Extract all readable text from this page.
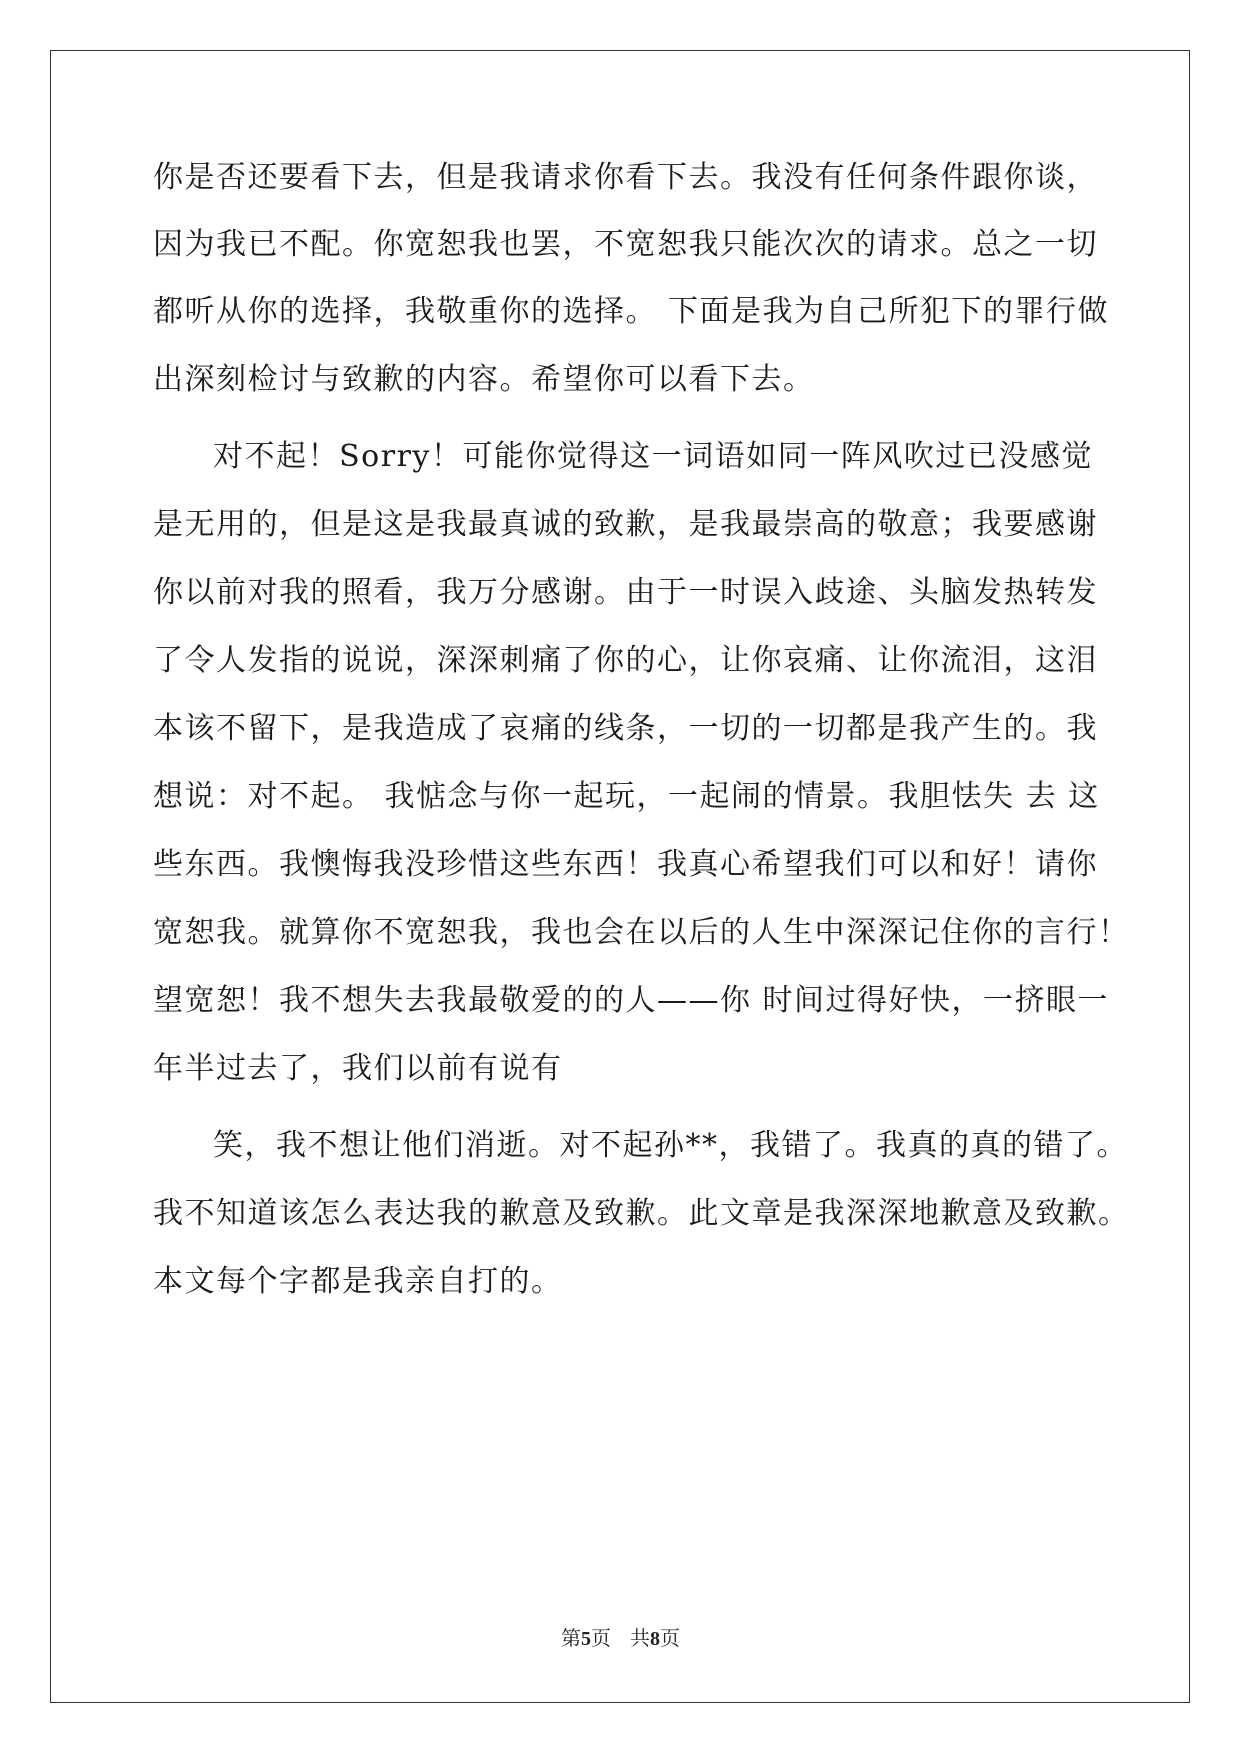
你是否还要看下去，但是我请求你看下去。我没有任何条件跟你谈，
因为我已不配。你宽恕我也罢，不宽恕我只能次次的请求。总之一切
都听从你的选择，我敬重你的选择。 下面是我为自己所犯下的罪行做
出深刻检讨与致歉的内容。希望你可以看下去。
对不起！Sorry！可能你觉得这一词语如同一阵风吹过已没感觉
是无用的，但是这是我最真诚的致歉，是我最崇高的敬意；我要感谢
你以前对我的照看，我万分感谢。由于一时误入歧途、头脑发热转发
了令人发指的说说，深深刺痛了你的心，让你哀痛、让你流泪，这泪
本该不留下，是我造成了哀痛的线条，一切的一切都是我产生的。我
想说：对不起。 我惦念与你一起玩，一起闹的情景。我胆怯失 去 这
些东西。我懊悔我没珍惜这些东西！我真心希望我们可以和好！请你
宽恕我。就算你不宽恕我，我也会在以后的人生中深深记住你的言行！
望宽恕！我不想失去我最敬爱的的人——你 时间过得好快，一挤眼一
年半过去了，我们以前有说有
笑，我不想让他们消逝。对不起孙**，我错了。我真的真的错了。
我不知道该怎么表达我的歉意及致歉。此文章是我深深地歉意及致歉。
本文每个字都是我亲自打的。
第5页   共8页
